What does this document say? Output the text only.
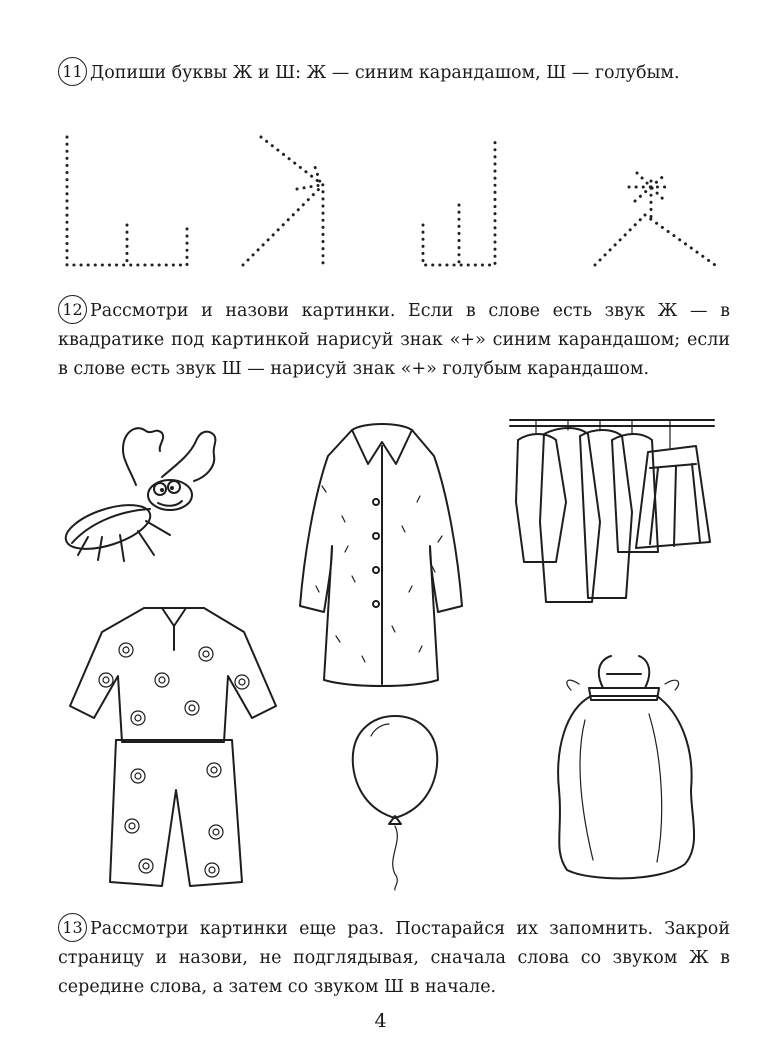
11 Допиши буквы Ж и Ш: Ж — синим карандашом, Ш — голубым.
12 Рассмотри и назови картинки. Если в слове есть звук Ж — в квадратике под картинкой нарисуй знак «+» синим карандашом; если в слове есть звук Ш — нарисуй знак «+» голубым карандашом.
13 Рассмотри картинки еще раз. Постарайся их запомнить. Закрой страницу и назови, не подглядывая, сначала слова со звуком Ж в середине слова, а затем со звуком Ш в начале.
4
